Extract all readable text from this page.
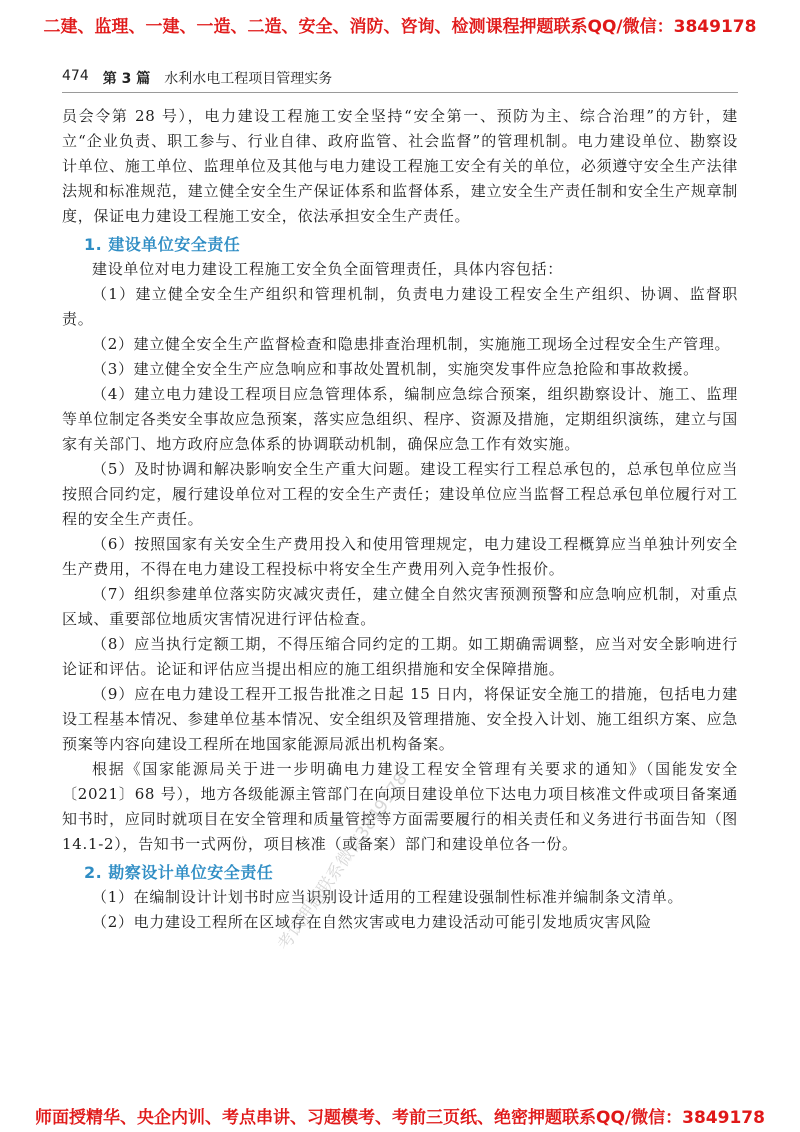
二建、监理、一建、一造、二造、安全、消防、咨询、检测课程押题联系QQ/微信：3849178
474 第 3 篇 水利水电工程项目管理实务

员会令第 28 号），电力建设工程施工安全坚持“安全第一、预防为主、综合治理”的方针，建立“企业负责、职工参与、行业自律、政府监管、社会监督”的管理机制。电力建设单位、勘察设计单位、施工单位、监理单位及其他与电力建设工程施工安全有关的单位，必须遵守安全生产法律法规和标准规范，建立健全安全生产保证体系和监督体系，建立安全生产责任制和安全生产规章制度，保证电力建设工程施工安全，依法承担安全生产责任。

1. 建设单位安全责任

建设单位对电力建设工程施工安全负全面管理责任，具体内容包括：

（1）建立健全安全生产组织和管理机制，负责电力建设工程安全生产组织、协调、监督职责。

（2）建立健全安全生产监督检查和隐患排查治理机制，实施施工现场全过程安全生产管理。

（3）建立健全安全生产应急响应和事故处置机制，实施突发事件应急抢险和事故救援。

（4）建立电力建设工程项目应急管理体系，编制应急综合预案，组织勘察设计、施工、监理等单位制定各类安全事故应急预案，落实应急组织、程序、资源及措施，定期组织演练，建立与国家有关部门、地方政府应急体系的协调联动机制，确保应急工作有效实施。

（5）及时协调和解决影响安全生产重大问题。建设工程实行工程总承包的，总承包单位应当按照合同约定，履行建设单位对工程的安全生产责任；建设单位应当监督工程总承包单位履行对工程的安全生产责任。

（6）按照国家有关安全生产费用投入和使用管理规定，电力建设工程概算应当单独计列安全生产费用，不得在电力建设工程投标中将安全生产费用列入竞争性报价。

（7）组织参建单位落实防灾减灾责任，建立健全自然灾害预测预警和应急响应机制，对重点区域、重要部位地质灾害情况进行评估检查。

（8）应当执行定额工期，不得压缩合同约定的工期。如工期确需调整，应当对安全影响进行论证和评估。论证和评估应当提出相应的施工组织措施和安全保障措施。

（9）应在电力建设工程开工报告批准之日起 15 日内，将保证安全施工的措施，包括电力建设工程基本情况、参建单位基本情况、安全组织及管理措施、安全投入计划、施工组织方案、应急预案等内容向建设工程所在地国家能源局派出机构备案。

根据《国家能源局关于进一步明确电力建设工程安全管理有关要求的通知》（国能发安全〔2021〕68 号），地方各级能源主管部门在向项目建设单位下达电力项目核准文件或项目备案通知书时，应同时就项目在安全管理和质量管控等方面需要履行的相关责任和义务进行书面告知（图 14.1-2），告知书一式两份，项目核准（或备案）部门和建设单位各一份。

2. 勘察设计单位安全责任

（1）在编制设计计划书时应当识别设计适用的工程建设强制性标准并编制条文清单。

（2）电力建设工程所在区域存在自然灾害或电力建设活动可能引发地质灾害风险

考试押题联系微信3849178
师面授精华、央企内训、考点串讲、习题模考、考前三页纸、绝密押题联系QQ/微信：3849178
